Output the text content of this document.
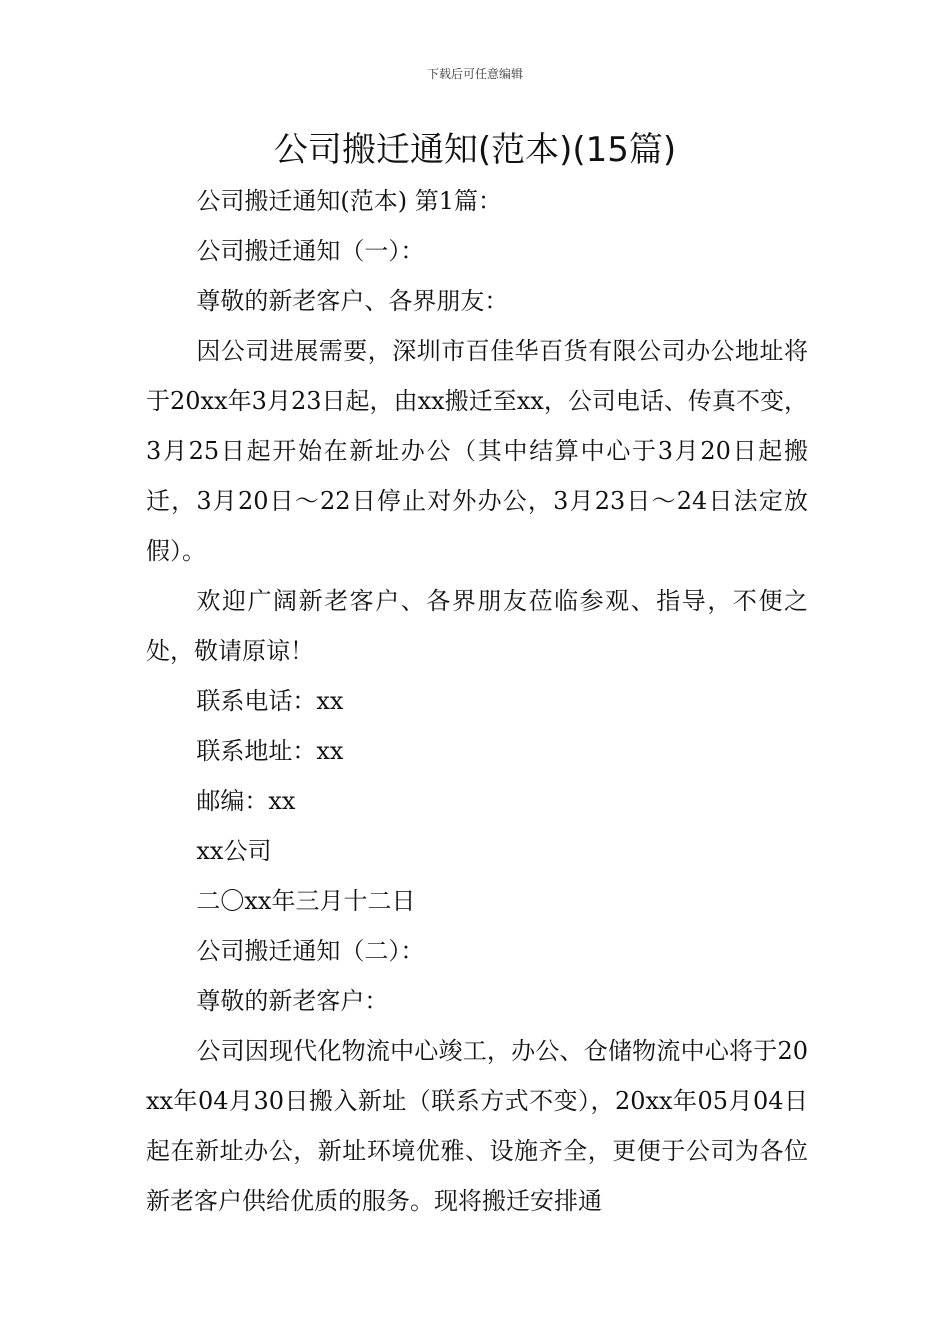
下载后可任意编辑
公司搬迁通知(范本)(15篇)

公司搬迁通知(范本) 第1篇：

公司搬迁通知（一）：

尊敬的新老客户、各界朋友：

因公司进展需要，深圳市百佳华百货有限公司办公地址将于20xx年3月23日起，由xx搬迁至xx，公司电话、传真不变，3月25日起开始在新址办公（其中结算中心于3月20日起搬迁，3月20日～22日停止对外办公，3月23日～24日法定放假）。

欢迎广阔新老客户、各界朋友莅临参观、指导，不便之处，敬请原谅！

联系电话：xx

联系地址：xx

邮编：xx

xx公司

二〇xx年三月十二日

公司搬迁通知（二）：

尊敬的新老客户：

公司因现代化物流中心竣工，办公、仓储物流中心将于20xx年04月30日搬入新址（联系方式不变），20xx年05月04日起在新址办公，新址环境优雅、设施齐全，更便于公司为各位新老客户供给优质的服务。现将搬迁安排通
